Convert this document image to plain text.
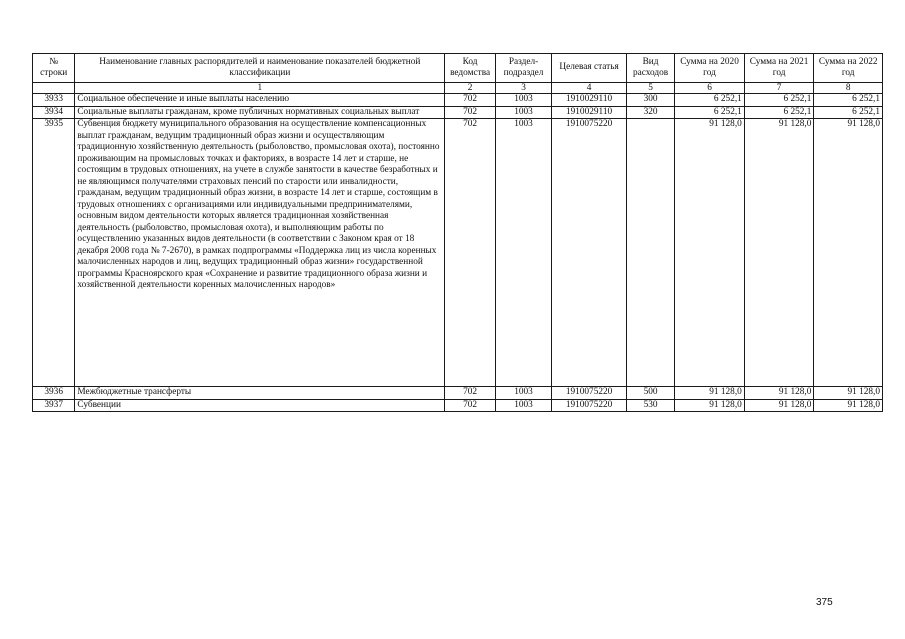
№ строки	Наименование главных распорядителей и наименование показателей бюджетной классификации	Код ведомства	Раздел-подраздел	Целевая статья	Вид расходов	Сумма на 2020 год	Сумма на 2021 год	Сумма на 2022 год
	1	2	3	4	5	6	7	8
3933	Социальное обеспечение и иные выплаты населению	702	1003	1910029110	300	6 252,1	6 252,1	6 252,1
3934	Социальные выплаты гражданам, кроме публичных нормативных социальных выплат	702	1003	1910029110	320	6 252,1	6 252,1	6 252,1
3935	Субвенция бюджету муниципального образования на осуществление компенсационных выплат гражданам, ведущим традиционный образ жизни и осуществляющим традиционную хозяйственную деятельность (рыболовство, промысловая охота), постоянно проживающим на промысловых точках и факториях, в возрасте 14 лет и старше, не состоящим в трудовых отношениях, на учете в службе занятости в качестве безработных и не являющимся получателями страховых пенсий по старости или инвалидности, гражданам, ведущим традиционный образ жизни, в возрасте 14 лет и старше, состоящим в трудовых отношениях с организациями или индивидуальными предпринимателями, основным видом деятельности которых является традиционная хозяйственная деятельность (рыболовство, промысловая охота), и выполняющим работы по осуществлению указанных видов деятельности (в соответствии с Законом края от 18 декабря 2008 года № 7-2670), в рамках подпрограммы «Поддержка лиц из числа коренных малочисленных народов и лиц, ведущих традиционный образ жизни» государственной программы Красноярского края «Сохранение и развитие традиционного образа жизни и хозяйственной деятельности коренных малочисленных народов»	702	1003	1910075220		91 128,0	91 128,0	91 128,0
3936	Межбюджетные трансферты	702	1003	1910075220	500	91 128,0	91 128,0	91 128,0
3937	Субвенции	702	1003	1910075220	530	91 128,0	91 128,0	91 128,0
375
